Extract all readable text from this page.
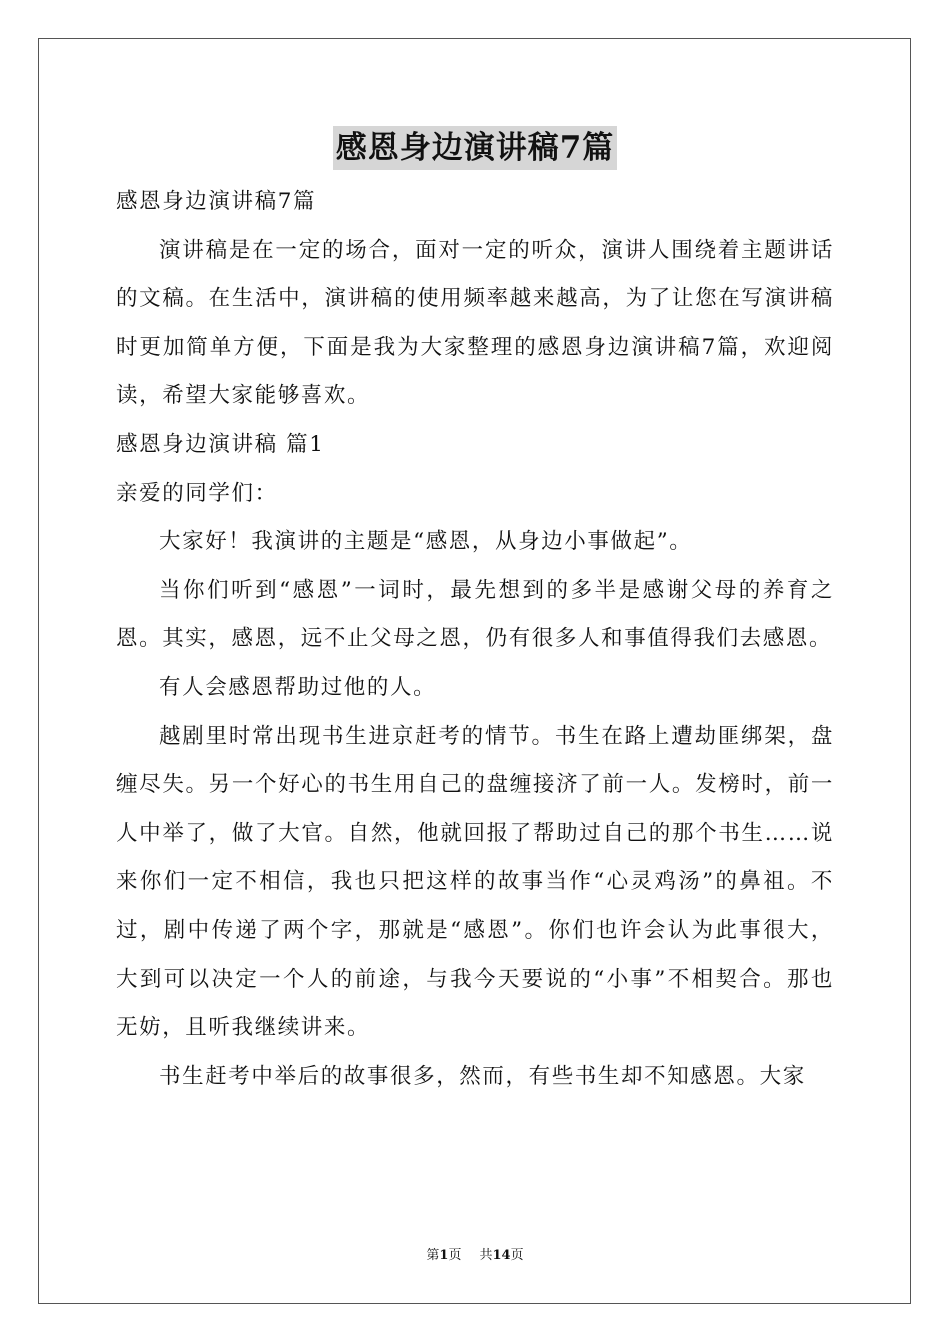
感恩身边演讲稿7篇

感恩身边演讲稿7篇

演讲稿是在一定的场合，面对一定的听众，演讲人围绕着主题讲话的文稿。在生活中，演讲稿的使用频率越来越高，为了让您在写演讲稿时更加简单方便，下面是我为大家整理的感恩身边演讲稿7篇，欢迎阅读，希望大家能够喜欢。

感恩身边演讲稿 篇1

亲爱的同学们：

大家好！我演讲的主题是“感恩，从身边小事做起”。

当你们听到“感恩”一词时，最先想到的多半是感谢父母的养育之恩。其实，感恩，远不止父母之恩，仍有很多人和事值得我们去感恩。

有人会感恩帮助过他的人。

越剧里时常出现书生进京赶考的情节。书生在路上遭劫匪绑架，盘缠尽失。另一个好心的书生用自己的盘缠接济了前一人。发榜时，前一人中举了，做了大官。自然，他就回报了帮助过自己的那个书生……说来你们一定不相信，我也只把这样的故事当作“心灵鸡汤”的鼻祖。不过，剧中传递了两个字，那就是“感恩”。你们也许会认为此事很大，大到可以决定一个人的前途，与我今天要说的“小事”不相契合。那也无妨，且听我继续讲来。

书生赶考中举后的故事很多，然而，有些书生却不知感恩。大家

第1页 共14页
